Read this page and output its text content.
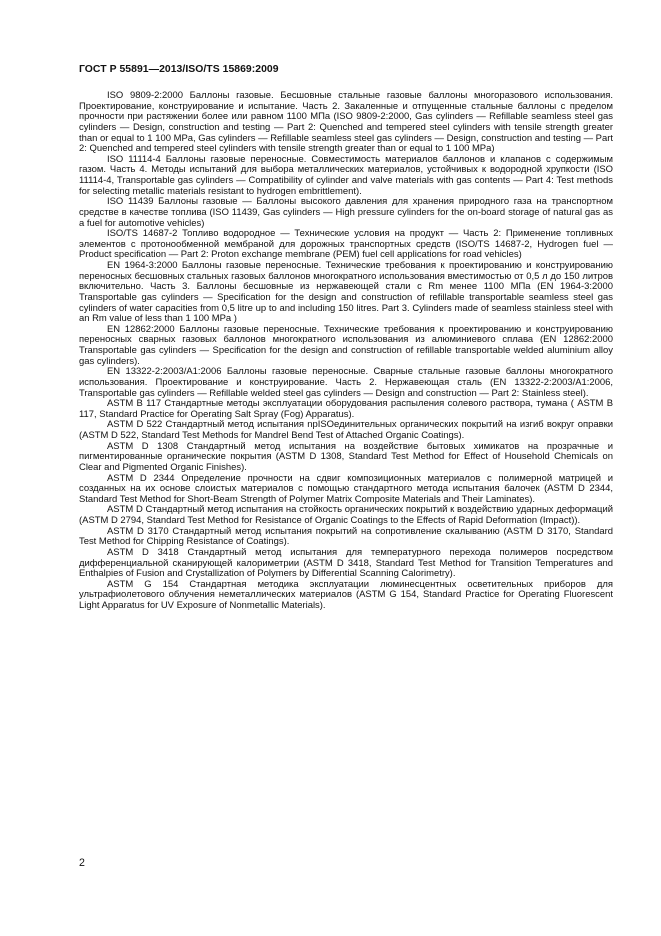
ГОСТ Р 55891—2013/ISO/TS 15869:2009

ISO 9809-2:2000 Баллоны газовые. Бесшовные стальные газовые баллоны многоразового использования. Проектирование, конструирование и испытание. Часть 2. Закаленные и отпущенные стальные баллоны с пределом прочности при растяжении более или равном 1100 МПа (ISO 9809-2:2000, Gas cylinders — Refillable seamless steel gas cylinders — Design, construction and testing — Part 2: Quenched and tempered steel cylinders with tensile strength greater than or equal to 1 100 MPa, Gas cylinders — Refillable seamless steel gas cylinders — Design, construction and testing — Part 2: Quenched and tempered steel cylinders with tensile strength greater than or equal to 1 100 MPa)

ISO 11114-4 Баллоны газовые переносные. Совместимость материалов баллонов и клапанов с содержимым газом. Часть 4. Методы испытаний для выбора металлических материалов, устойчивых к водородной хрупкости (ISO 11114-4, Transportable gas cylinders — Compatibility of cylinder and valve materials with gas contents — Part 4: Test methods for selecting metallic materials resistant to hydrogen embrittlement).

ISO 11439 Баллоны газовые — Баллоны высокого давления для хранения природного газа на транспортном средстве в качестве топлива (ISO 11439, Gas cylinders — High pressure cylinders for the on-board storage of natural gas as a fuel for automotive vehicles)

ISO/TS 14687-2 Топливо водородное — Технические условия на продукт — Часть 2: Применение топливных элементов с протонообменной мембраной для дорожных транспортных средств (ISO/TS 14687-2, Hydrogen fuel — Product specification — Part 2: Proton exchange membrane (PEM) fuel cell applications for road vehicles)

EN 1964-3:2000 Баллоны газовые переносные. Технические требования к проектированию и конструированию переносных бесшовных стальных газовых баллонов многократного использования вместимостью от 0,5 л до 150 литров включительно. Часть 3. Баллоны бесшовные из нержавеющей стали с Rm менее 1100 МПа (EN 1964-3:2000 Transportable gas cylinders — Specification for the design and construction of refillable transportable seamless steel gas cylinders of water capacities from 0,5 litre up to and including 150 litres. Part 3. Cylinders made of seamless stainless steel with an Rm value of less than 1 100 MPa )

EN 12862:2000 Баллоны газовые переносные. Технические требования к проектированию и конструированию переносных сварных газовых баллонов многократного использования из алюминиевого сплава (EN 12862:2000 Transportable gas cylinders — Specification for the design and construction of refillable transportable welded aluminium alloy gas cylinders).

EN 13322-2:2003/A1:2006 Баллоны газовые переносные. Сварные стальные газовые баллоны многократного использования. Проектирование и конструирование. Часть 2. Нержавеющая сталь (EN 13322-2:2003/A1:2006, Transportable gas cylinders — Refillable welded steel gas cylinders — Design and construction — Part 2: Stainless steel).

ASTM B 117 Стандартные методы эксплуатации оборудования распыления солевого раствора, тумана ( ASTM B 117, Standard Practice for Operating Salt Spray (Fog) Apparatus).

ASTM D 522 Стандартный метод испытания npISOединительных органических покрытий на изгиб вокруг оправки (ASTM D 522, Standard Test Methods for Mandrel Bend Test of Attached Organic Coatings).

ASTM D 1308 Стандартный метод испытания на воздействие бытовых химикатов на прозрачные и пигментированные органические покрытия (ASTM D 1308, Standard Test Method for Effect of Household Chemicals on Clear and Pigmented Organic Finishes).

ASTM D 2344 Определение прочности на сдвиг композиционных материалов с полимерной матрицей и созданных на их основе слоистых материалов с помощью стандартного метода испытания балочек (ASTM D 2344, Standard Test Method for Short-Beam Strength of Polymer Matrix Composite Materials and Their Laminates).

ASTM D Стандартный метод испытания на стойкость органических покрытий к воздействию ударных деформаций (ASTM D 2794, Standard Test Method for Resistance of Organic Coatings to the Effects of Rapid Deformation (Impact)).

ASTM D 3170 Стандартный метод испытания покрытий на сопротивление скалыванию (ASTM D 3170, Standard Test Method for Chipping Resistance of Coatings).

ASTM D 3418 Стандартный метод испытания для температурного перехода полимеров посредством дифференциальной сканирующей калориметрии (ASTM D 3418, Standard Test Method for Transition Temperatures and Enthalpies of Fusion and Crystallization of Polymers by Differential Scanning Calorimetry).

ASTM G 154 Стандартная методика эксплуатации люминесцентных осветительных приборов для ультрафиолетового облучения неметаллических материалов (ASTM G 154, Standard Practice for Operating Fluorescent Light Apparatus for UV Exposure of Nonmetallic Materials).

2
